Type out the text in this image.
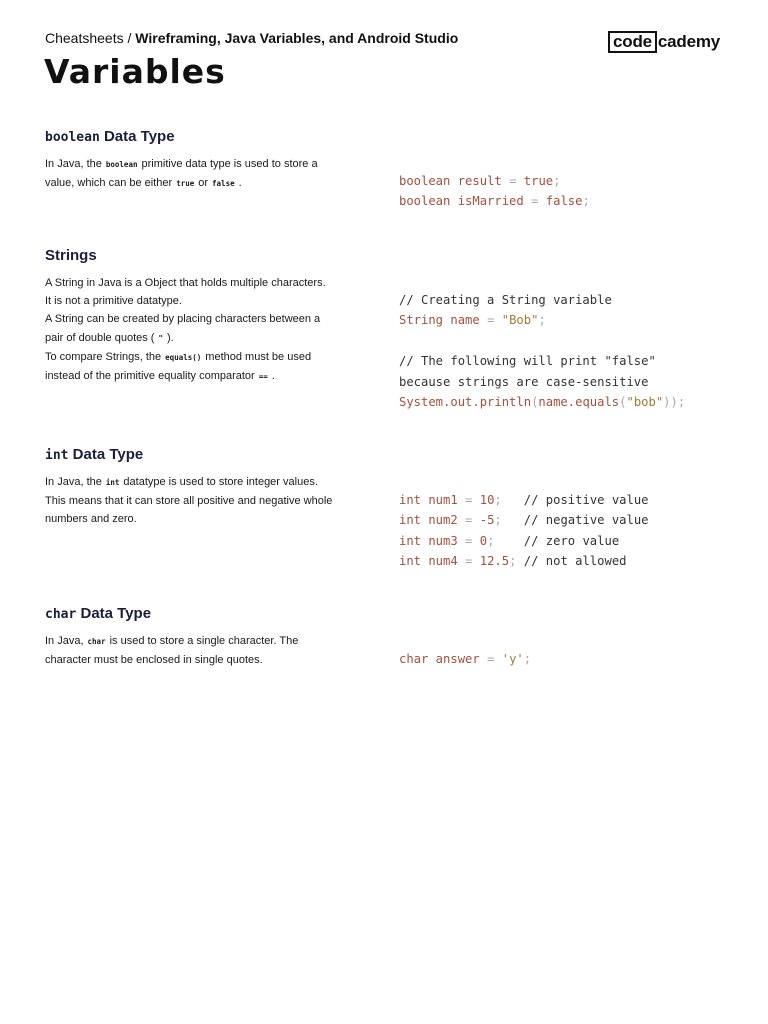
Cheatsheets / Wireframing, Java Variables, and Android Studio	code cademy
Variables
boolean Data Type
In Java, the boolean primitive data type is used to store a value, which can be either true or false .	boolean result = true;
boolean isMarried = false;
Strings
A String in Java is a Object that holds multiple characters.
It is not a primitive datatype.
A String can be created by placing characters between a pair of double quotes ( " ).
To compare Strings, the equals() method must be used instead of the primitive equality comparator == .
// Creating a String variable
String name = "Bob";

// The following will print "false"
because strings are case-sensitive
System.out.println(name.equals("bob"));
int Data Type
In Java, the int datatype is used to store integer values. This means that it can store all positive and negative whole numbers and zero.
int num1 = 10;   // positive value
int num2 = -5;   // negative value
int num3 = 0;    // zero value
int num4 = 12.5; // not allowed
char Data Type
In Java, char is used to store a single character. The character must be enclosed in single quotes.	char answer = 'y';
